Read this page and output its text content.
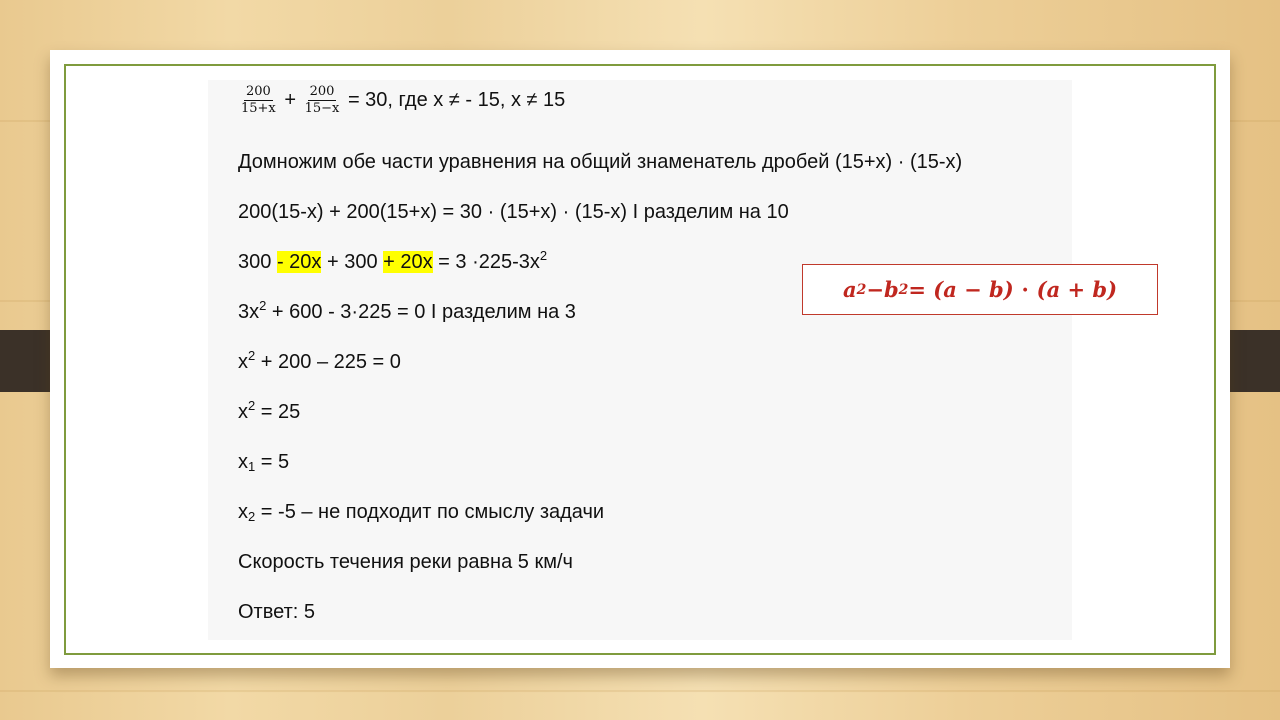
$\frac{200}{15+x} + \frac{200}{15-x} = 30$, где х ≠ - 15, х ≠ 15
Домножим обе части уравнения на общий знаменатель дробей (15+х) · (15-х)
200(15-х) + 200(15+х) = 30 · (15+х) · (15-х) I разделим на 10
$300 - 20х + 300 + 20х = 3 \cdot 225-3х^2$
$3х^2 + 600 - 3\cdot 225 = 0$ I разделим на 3
$х^2 + 200 - 225 = 0$
$х^2 = 25$
$х_1 = 5$
$х_2 = -5$ – не подходит по смыслу задачи
Скорость течения реки равна 5 км/ч
Ответ: 5
a 2 − b 2 = (a − b) ⋅ (a + b)
